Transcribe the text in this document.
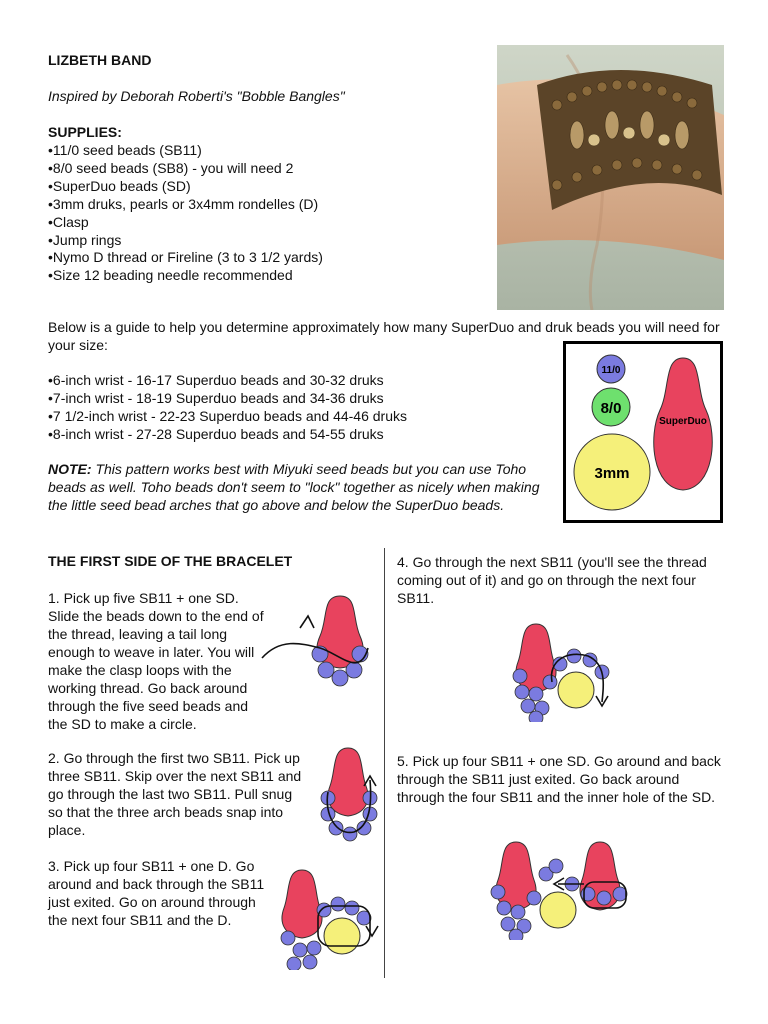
LIZBETH BAND
Inspired by Deborah Roberti's "Bobble Bangles"
SUPPLIES:
• 11/0 seed beads (SB11)
• 8/0 seed beads (SB8) - you will need 2
• SuperDuo beads (SD)
• 3mm druks, pearls or 3x4mm rondelles (D)
• Clasp
• Jump rings
• Nymo D thread or Fireline (3 to 3 1/2 yards)
• Size 12 beading needle recommended
Below is a guide to help you determine approximately how many SuperDuo and druk beads you will need for your size:
• 6-inch wrist - 16-17 Superduo beads and 30-32 druks
• 7-inch wrist - 18-19 Superduo beads and 34-36 druks
• 7 1/2-inch wrist - 22-23 Superduo beads and 44-46 druks
• 8-inch wrist - 27-28 Superduo beads and 54-55 druks
NOTE: This pattern works best with Miyuki seed beads but you can use Toho beads as well. Toho beads don't seem to "lock" together as nicely when making the little seed bead arches that go above and below the SuperDuo beads.
11/0
8/0
3mm
SuperDuo
THE FIRST SIDE OF THE BRACELET
1. Pick up five SB11 + one SD. Slide the beads down to the end of the thread, leaving a tail long enough to weave in later. You will make the clasp loops with the working thread. Go back around through the five seed beads and the SD to make a circle.
2. Go through the first two SB11. Pick up three SB11. Skip over the next SB11 and go through the last two SB11. Pull snug so that the three arch beads snap into place.
3. Pick up four SB11 + one D. Go around and back through the SB11 just exited. Go on around through the next four SB11 and the D.
4. Go through the next SB11 (you'll see the thread coming out of it) and go on through the next four SB11.
5. Pick up four SB11 + one SD. Go around and back through the SB11 just exited. Go back around through the four SB11 and the inner hole of the SD.
